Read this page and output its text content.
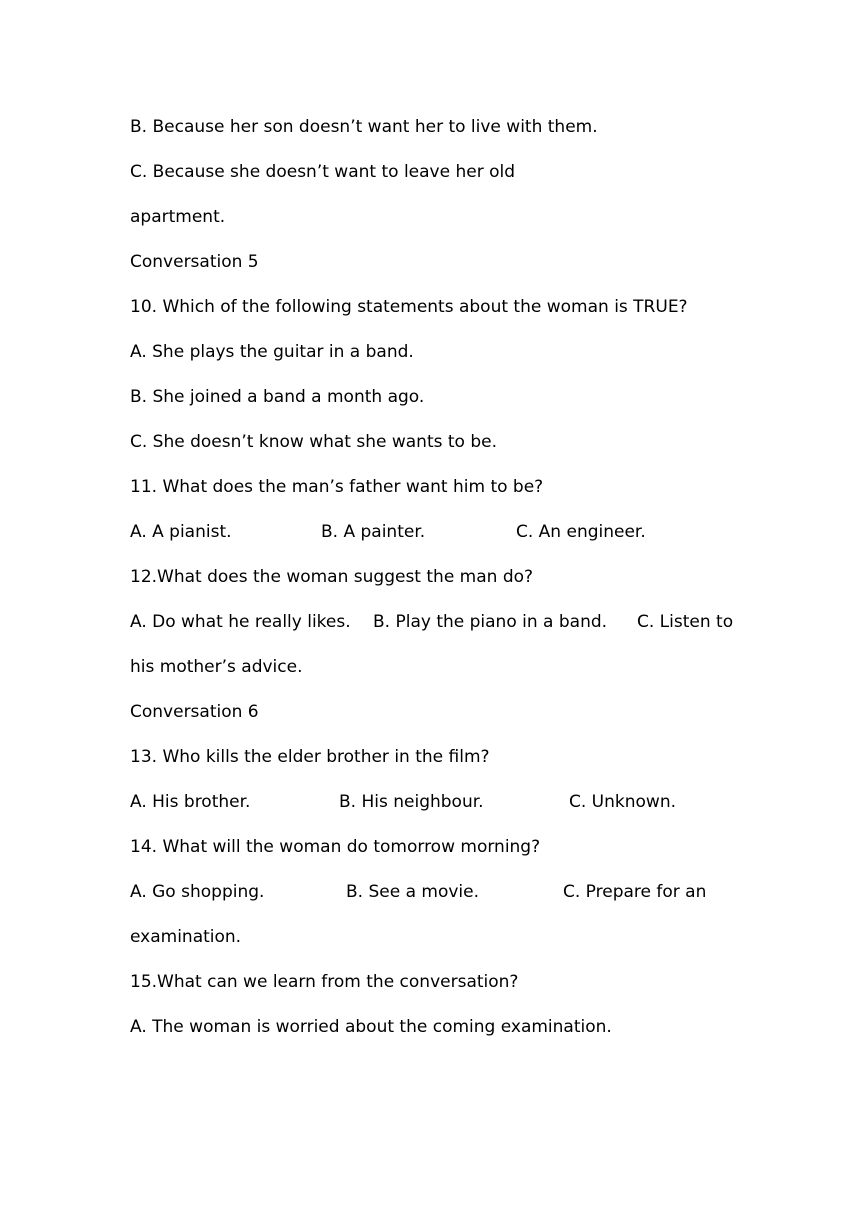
B. Because her son doesn’t want her to live with them.
C. Because she doesn’t want to leave her old
apartment.
Conversation 5
10. Which of the following statements about the woman is TRUE?
A. She plays the guitar in a band.
B. She joined a band a month ago.
C. She doesn’t know what she wants to be.
11. What does the man’s father want him to be?
A. A pianist.	B. A painter.	C. An engineer.
12.What does the woman suggest the man do?
A. Do what he really likes. B. Play the piano in a band. C. Listen to
his mother’s advice.
Conversation 6
13. Who kills the elder brother in the film?
A. His brother.	B. His neighbour.	C. Unknown.
14. What will the woman do tomorrow morning?
A. Go shopping.	B. See a movie.	C. Prepare for an
examination.
15.What can we learn from the conversation?
A. The woman is worried about the coming examination.
